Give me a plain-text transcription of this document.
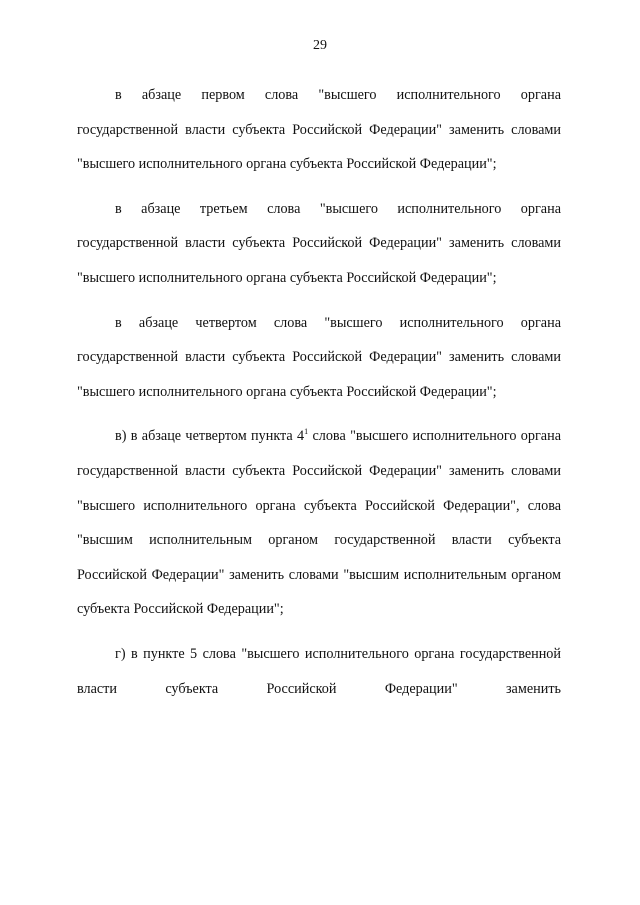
29

в абзаце первом слова "высшего исполнительного органа государственной власти субъекта Российской Федерации" заменить словами "высшего исполнительного органа субъекта Российской Федерации";

в абзаце третьем слова "высшего исполнительного органа государственной власти субъекта Российской Федерации" заменить словами "высшего исполнительного органа субъекта Российской Федерации";

в абзаце четвертом слова "высшего исполнительного органа государственной власти субъекта Российской Федерации" заменить словами "высшего исполнительного органа субъекта Российской Федерации";

в) в абзаце четвертом пункта $4^1$ слова "высшего исполнительного органа государственной власти субъекта Российской Федерации" заменить словами "высшего исполнительного органа субъекта Российской Федерации", слова "высшим исполнительным органом государственной власти субъекта Российской Федерации" заменить словами "высшим исполнительным органом субъекта Российской Федерации";

г) в пункте 5 слова "высшего исполнительного органа государственной власти субъекта Российской Федерации" заменить
